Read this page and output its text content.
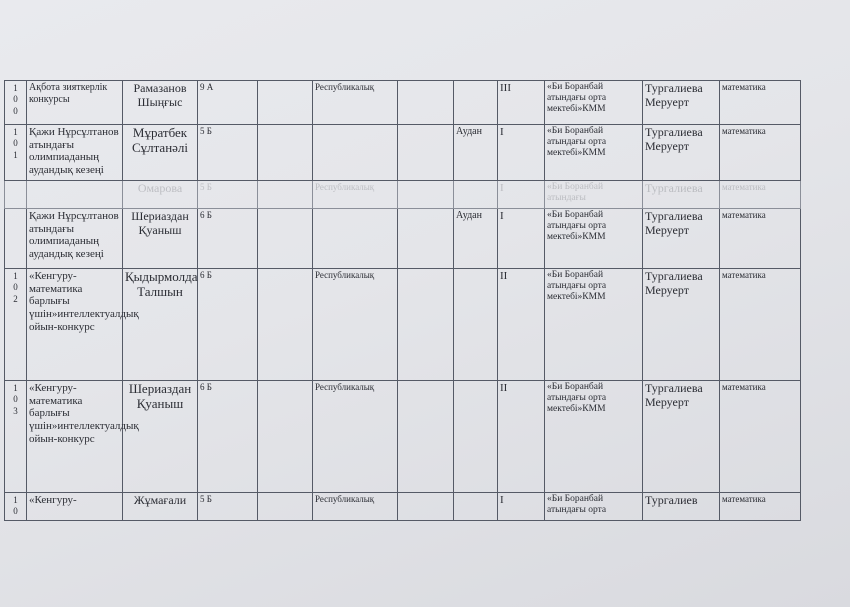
1
0
0	Ақбота зияткерлік конкурсы	Рамазанов Шыңғыс	9 А		Республикалық			III	«Би Боранбай атындағы орта мектебі»КММ	Тургалиева Меруерт	математика

1
0
1	Қажи Нұрсұлтанов атындағы олимпиаданың аудандық кезеңі	Мұратбек Сұлтанәлі	5 Б				Аудан	I	«Би Боранбай атындағы орта мектебі»КММ	Тургалиева Меруерт	математика

		Омарова	5 Б		Республикалық			I	«Би Боранбай атындағы	Тургалиева	математика

	Қажи Нұрсұлтанов атындағы олимпиаданың аудандық кезеңі	Шериаздан Қуаныш	6 Б				Аудан	I	«Би Боранбай атындағы орта мектебі»КММ	Тургалиева Меруерт	математика

1
0
2	«Кенгуру-математика барлығы үшін»интеллектуалдық ойын-конкурс	Қыдырмолда Талшын	6 Б		Республикалық			II	«Би Боранбай атындағы орта мектебі»КММ	Тургалиева Меруерт	математика

1
0
3	«Кенгуру-математика барлығы үшін»интеллектуалдық ойын-конкурс	Шериаздан Қуаныш	6 Б		Республикалық			II	«Би Боранбай атындағы орта мектебі»КММ	Тургалиева Меруерт	математика

1
0	«Кенгуру-	Жұмағали	5 Б		Республикалық			I	«Би Боранбай атындағы орта	Тургалиев	математика
